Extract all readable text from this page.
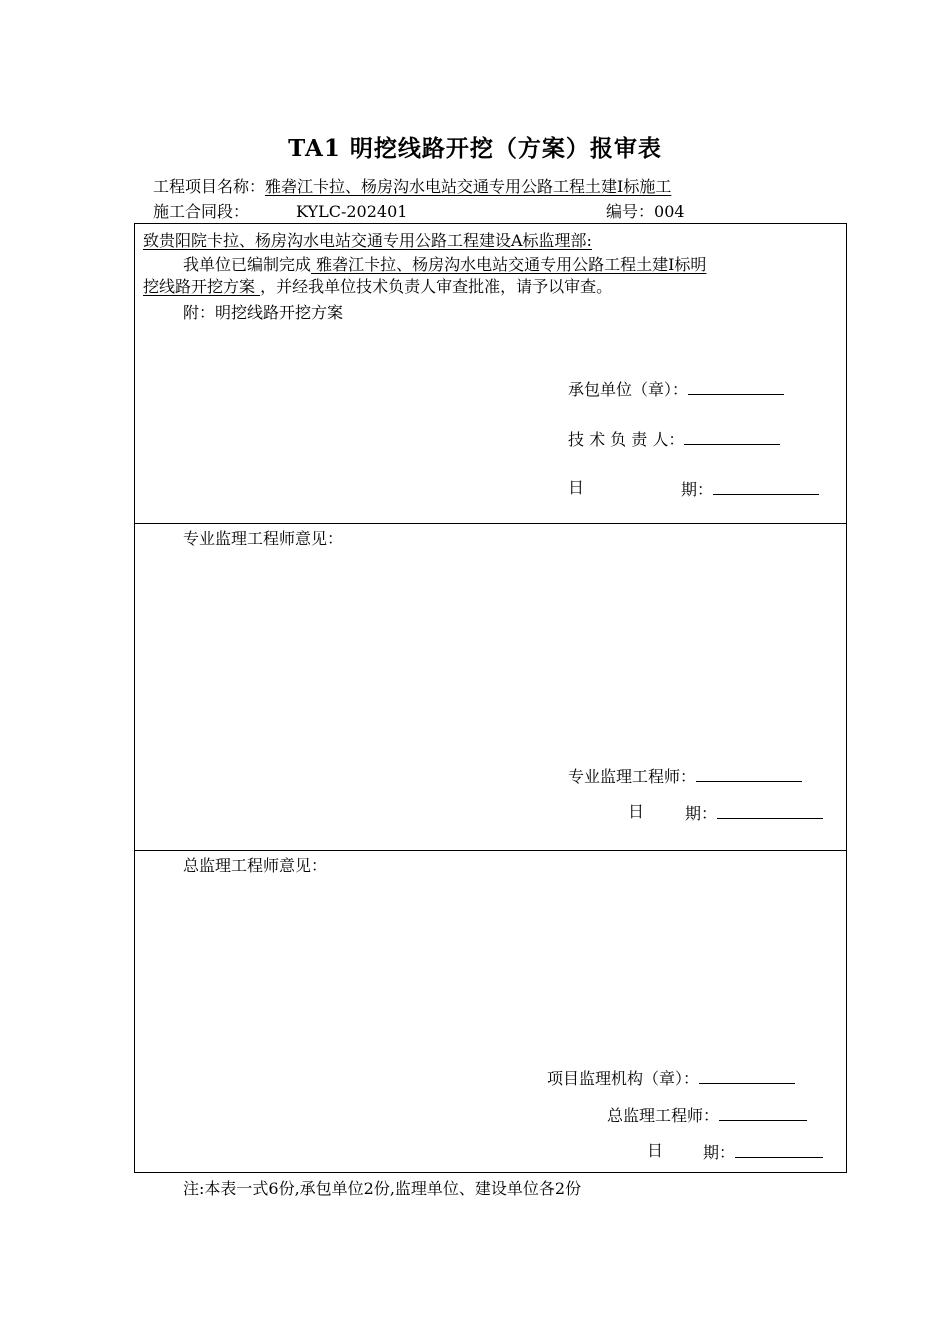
TA1 明挖线路开挖（方案）报审表
工程项目名称：雅砻江卡拉、杨房沟水电站交通专用公路工程土建I标施工
施工合同段：	KYLC-202401	编号：004
致贵阳院卡拉、杨房沟水电站交通专用公路工程建设A标监理部:
我单位已编制完成 雅砻江卡拉、杨房沟水电站交通专用公路工程土建I标明
挖线路开挖方案 ，并经我单位技术负责人审查批准，请予以审查。
附：明挖线路开挖方案
承包单位（章）：
技 术 负 责 人：
日	期：
专业监理工程师意见：
专业监理工程师：
日	期：
总监理工程师意见：
项目监理机构（章）：
总监理工程师：
日 期：
注:本表一式6份,承包单位2份,监理单位、建设单位各2份
